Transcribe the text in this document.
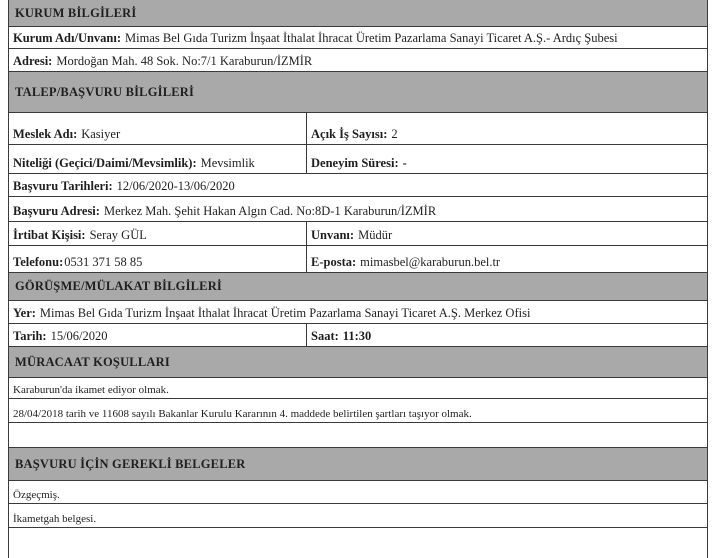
KURUM BİLGİLERİ
Kurum Adı/Unvanı: Mimas Bel Gıda Turizm İnşaat İthalat İhracat Üretim Pazarlama Sanayi Ticaret A.Ş.- Ardıç Şubesi
Adresi: Mordoğan Mah. 48 Sok. No:7/1 Karaburun/İZMİR
TALEP/BAŞVURU BİLGİLERİ
Meslek Adı: Kasiyer	Açık İş Sayısı: 2
Niteliği (Geçici/Daimi/Mevsimlik): Mevsimlik	Deneyim Süresi: -
Başvuru Tarihleri: 12/06/2020-13/06/2020
Başvuru Adresi: Merkez Mah. Şehit Hakan Algın Cad. No:8D-1 Karaburun/İZMİR
İrtibat Kişisi: Seray GÜL	Unvanı: Müdür
Telefonu: 0531 371 58 85	E-posta: mimasbel@karaburun.bel.tr
GÖRÜŞME/MÜLAKAT BİLGİLERİ
Yer: Mimas Bel Gıda Turizm İnşaat İthalat İhracat Üretim Pazarlama Sanayi Ticaret A.Ş. Merkez Ofisi
Tarih: 15/06/2020	Saat: 11:30
MÜRACAAT KOŞULLARI
Karaburun'da ikamet ediyor olmak.
28/04/2018 tarih ve 11608 sayılı Bakanlar Kurulu Kararının 4. maddede belirtilen şartları taşıyor olmak.
BAŞVURU İÇİN GEREKLİ BELGELER
Özgeçmiş.
İkametgah belgesi.
